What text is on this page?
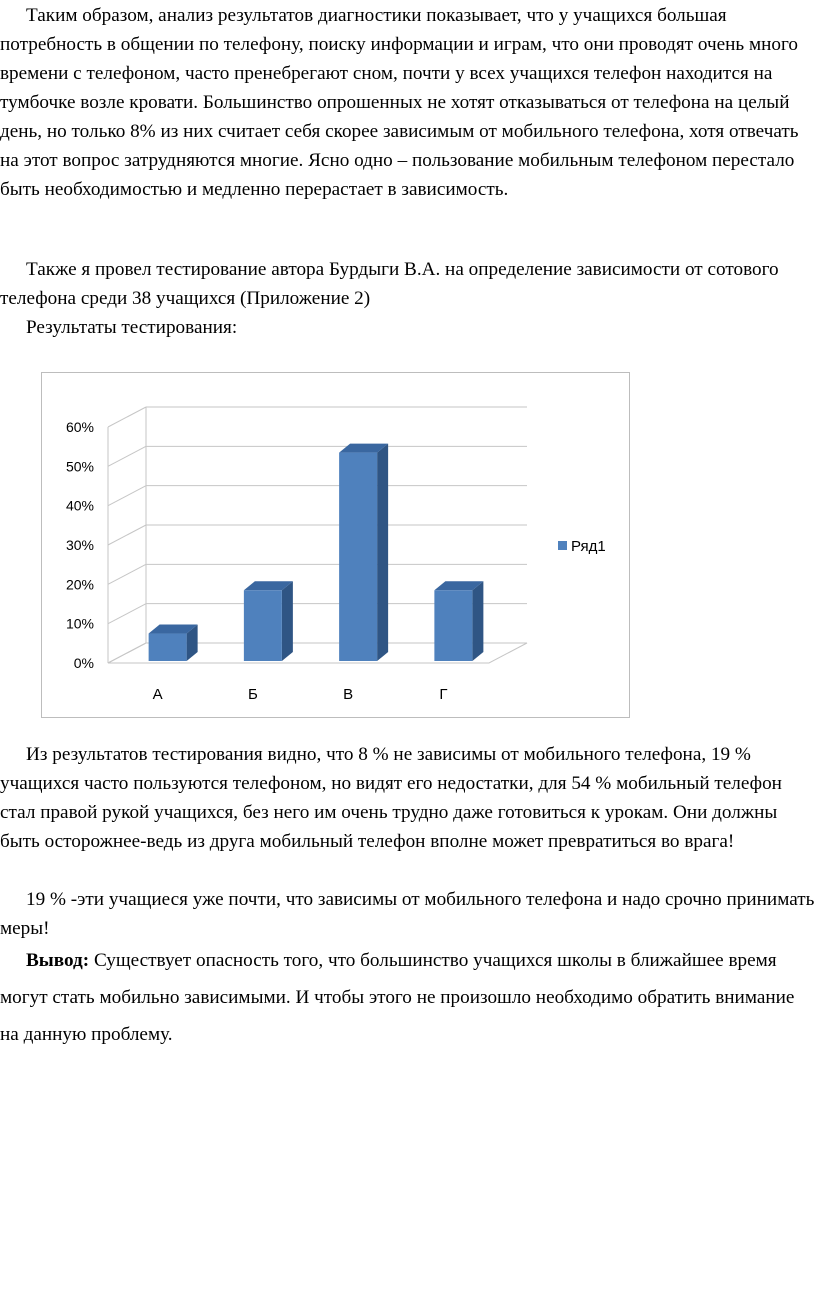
Таким образом, анализ результатов диагностики показывает, что у учащихся большая потребность в общении по телефону, поиску информации и играм, что они проводят очень много времени с телефоном, часто пренебрегают сном, почти у всех учащихся телефон находится на тумбочке возле кровати. Большинство опрошенных не хотят отказываться от телефона на целый день, но только 8% из них считает себя скорее зависимым от мобильного телефона, хотя отвечать на этот вопрос затрудняются многие. Ясно одно – пользование мобильным телефоном перестало быть необходимостью и медленно перерастает в зависимость.

Также я провел тестирование автора Бурдыги В.А. на определение зависимости от сотового телефона среди 38 учащихся (Приложение 2)

Результаты тестирования:

0%
10%
20%
30%
40%
50%
60%
А	Б	В	Г
Ряд1

Из результатов тестирования видно, что 8 % не зависимы от мобильного телефона, 19 % учащихся часто пользуются телефоном, но видят его недостатки, для 54 % мобильный телефон стал правой рукой учащихся, без него им очень трудно даже готовиться к урокам. Они должны быть осторожнее-ведь из друга мобильный телефон вполне может превратиться во врага!

19 % -эти учащиеся уже почти, что зависимы от мобильного телефона и надо срочно принимать меры!

Вывод: Существует опасность того, что большинство учащихся школы в ближайшее время могут стать мобильно зависимыми. И чтобы этого не произошло необходимо обратить внимание на данную проблему.
